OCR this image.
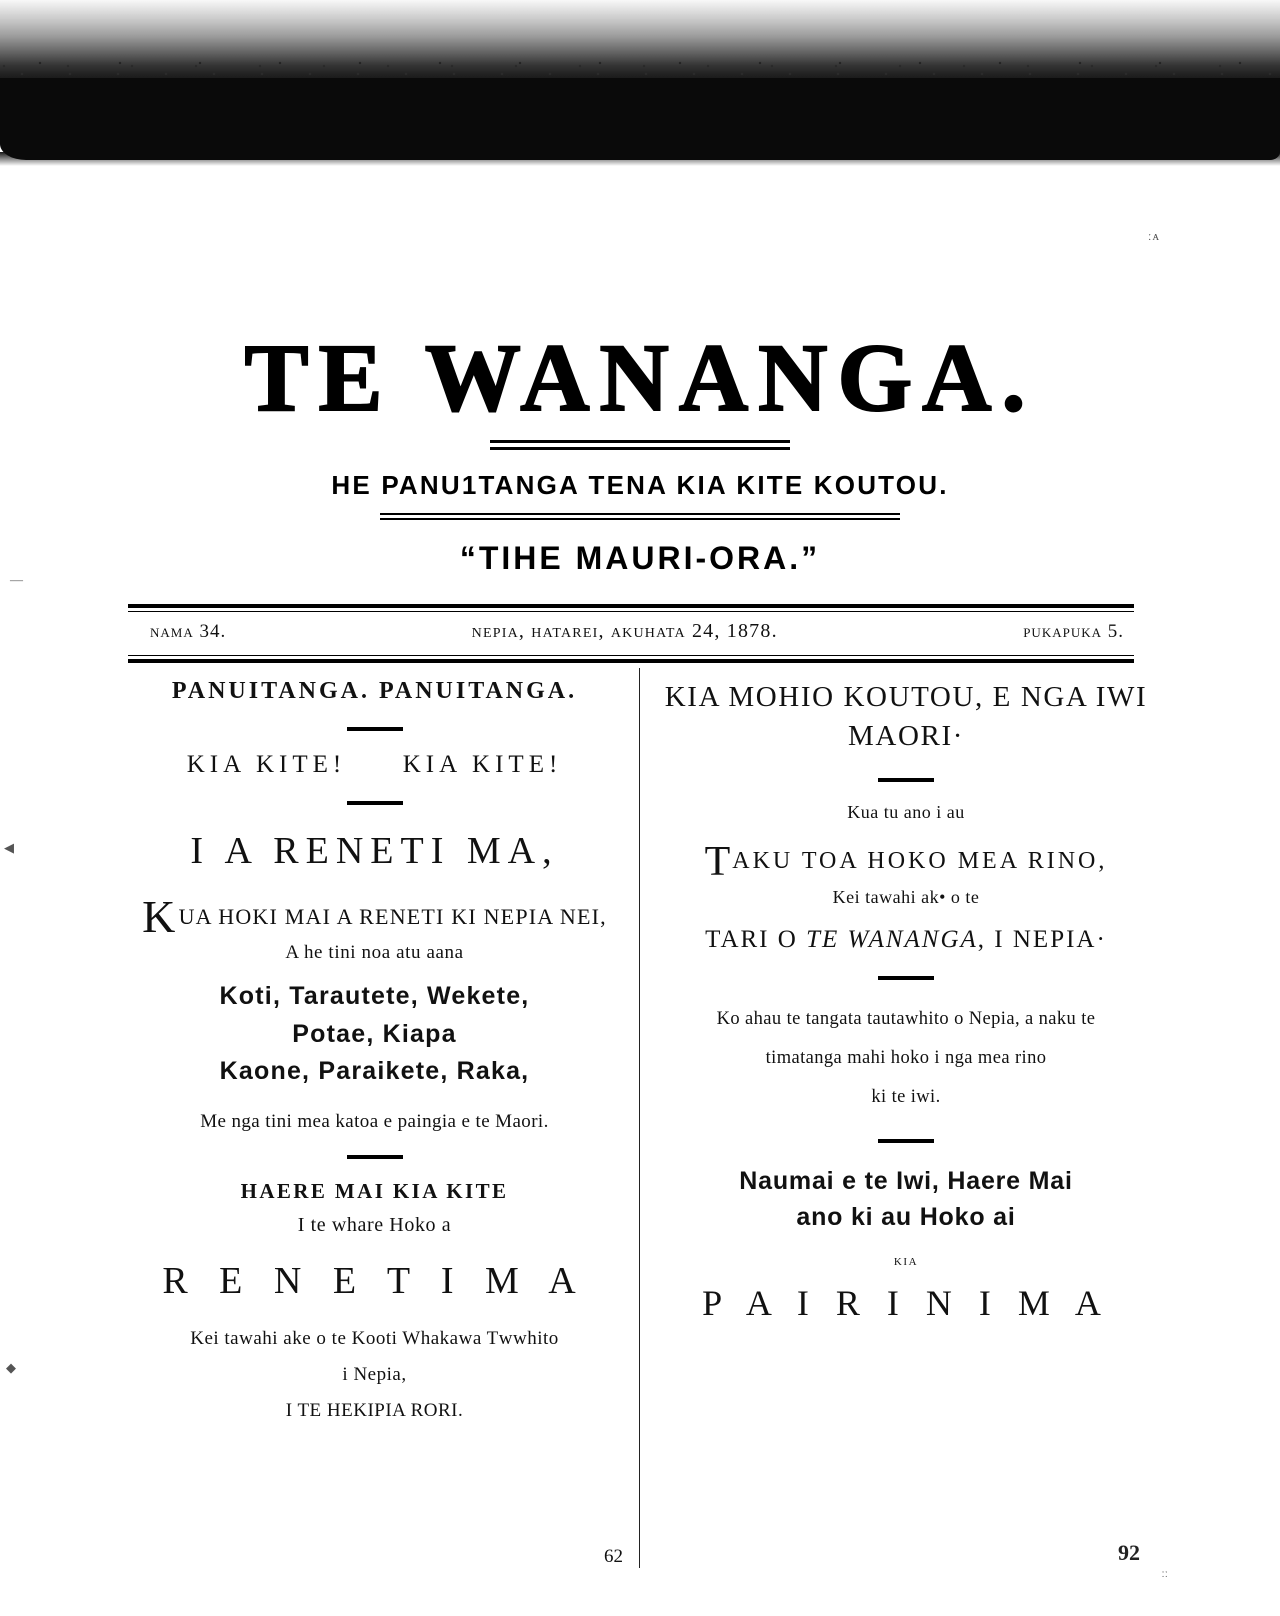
ːᴀ
ːː
—
◀
◆
TE WANANGA.
HE PANU1TANGA TENA KIA KITE KOUTOU.
“TIHE MAURI-ORA.”
nama 34.	nepia, hatarei, akuhata 24, 1878.	pukapuka 5.
PANUITANGA. PANUITANGA.
KIA KITE! KIA KITE!
I A RENETI MA,
K UA HOKI MAI A RENETI KI NEPIA NEI,
A he tini noa atu aana
Koti, Tarautete, Wekete,
Potae, Kiapa
Kaone, Paraikete, Raka,
Me nga tini mea katoa e paingia e te Maori.
HAERE MAI KIA KITE
I te whare Hoko a
R E N E T I M A
Kei tawahi ake o te Kooti Whakawa Tᴡwhito
i Nepia,
I TE HEKIPIA RORI.
KIA MOHIO KOUTOU, E NGA IWI
MAORI·
Kua tu ano i au
T AKU TOA HOKO MEA RINO,
Kei tawahi ak• o te
TARI O TE WANANGA, I NEPIA·
Ko ahau te tangata tautawhito o Nepia, a naku te
timatanga mahi hoko i nga mea rino
ki te iwi.
Naumai e te Iwi, Haere Mai
ano ki au Hoko ai
kia
P A I R I N I M A
62	92
